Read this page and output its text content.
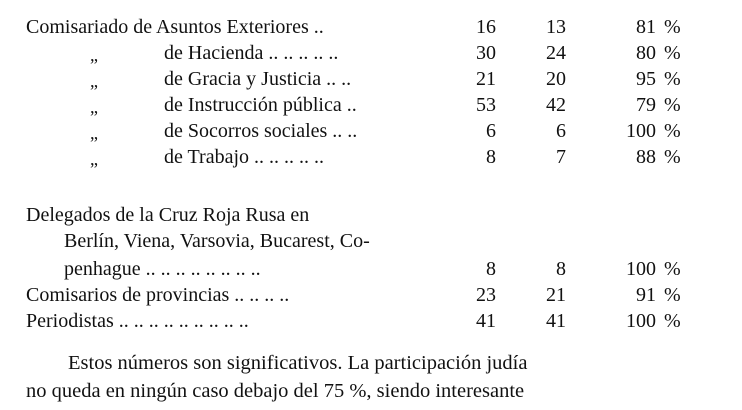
Comisariado de Asuntos Exteriores ..	16	13	81 %
„	de Hacienda .. .. .. .. ..	30	24	80 %
„	de Gracia y Justicia .. ..	21	20	95 %
„	de Instrucción pública ..	53	42	79 %
„	de Socorros sociales .. ..	6	6	100 %
„	de Trabajo .. .. .. .. ..	8	7	88 %
Delegados de la Cruz Roja Rusa en
Berlín, Viena, Varsovia, Bucarest, Co-
penhague .. .. .. .. .. .. .. ..	8	8	100 %
Comisarios de provincias .. .. .. ..	23	21	91 %
Periodistas .. .. .. .. .. .. .. .. ..	41	41	100 %
Estos números son significativos. La participación judía
no queda en ningún caso debajo del 75 %, siendo interesante
